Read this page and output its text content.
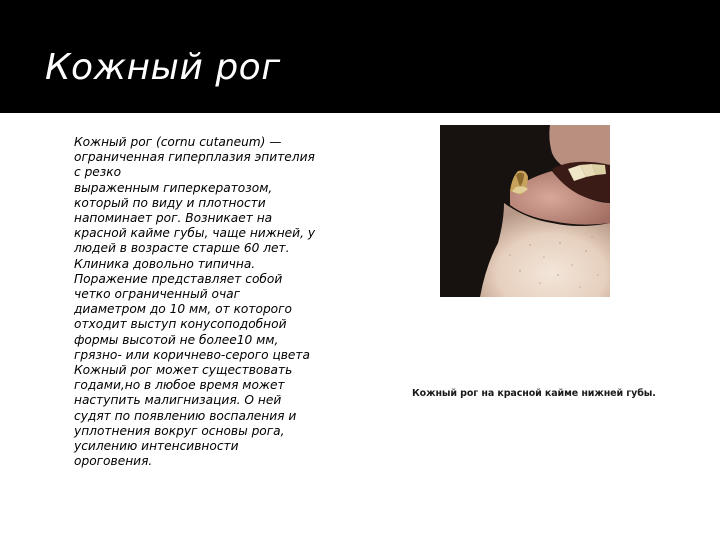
Кожный рог
Кожный рог (cornu cutaneum) —
ограниченная гиперплазия эпителия
с резко
выраженным гиперкератозом,
который по виду и плотности
напоминает рог. Возникает на
красной кайме губы, чаще нижней, у
людей в возрасте старше 60 лет.
Клиника довольно типична.
Поражение представляет собой
четко ограниченный очаг
диаметром до 10 мм, от которого
отходит выступ конусоподобной
формы высотой не более10 мм,
грязно- или коричнево-серого цвета
Кожный рог может существовать
годами,но в любое время может
наступить малигнизация. О ней
судят по появлению воспаления и
уплотнения вокруг основы рога,
усилению интенсивности
ороговения.
Кожный рог на красной кайме нижней губы.
